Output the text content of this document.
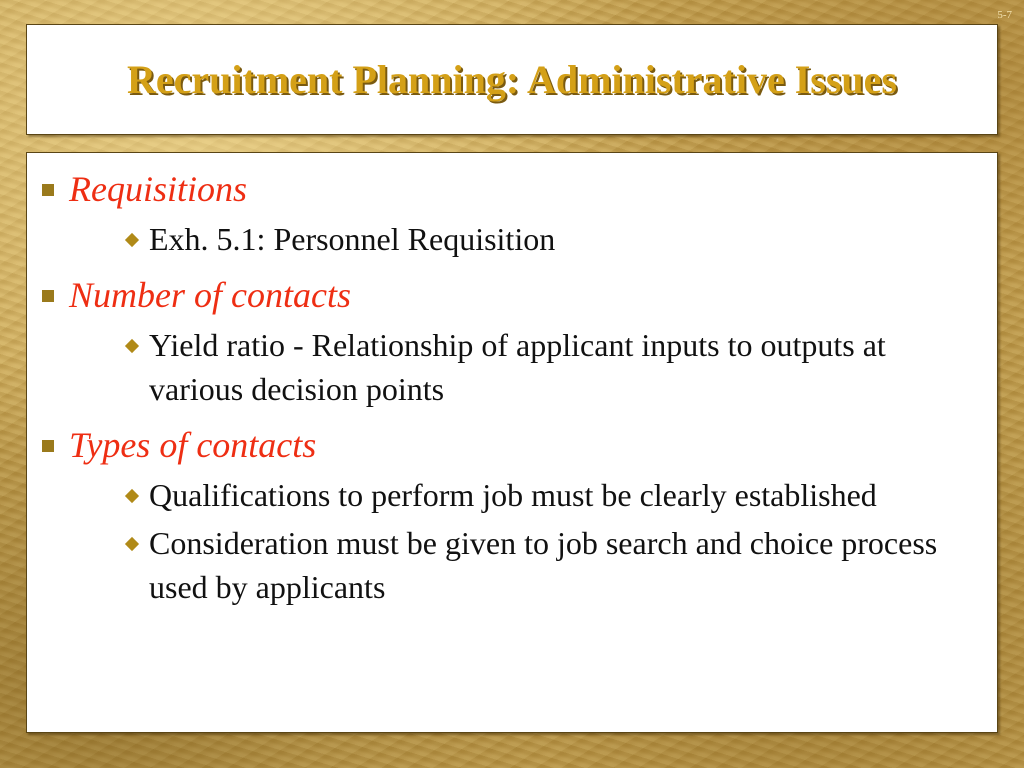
5-7
Recruitment Planning: Administrative Issues
Requisitions
Exh. 5.1: Personnel Requisition
Number of contacts
Yield ratio - Relationship of applicant inputs to outputs at various decision points
Types of contacts
Qualifications to perform job must be clearly established
Consideration must be given to job search and choice process used by applicants
